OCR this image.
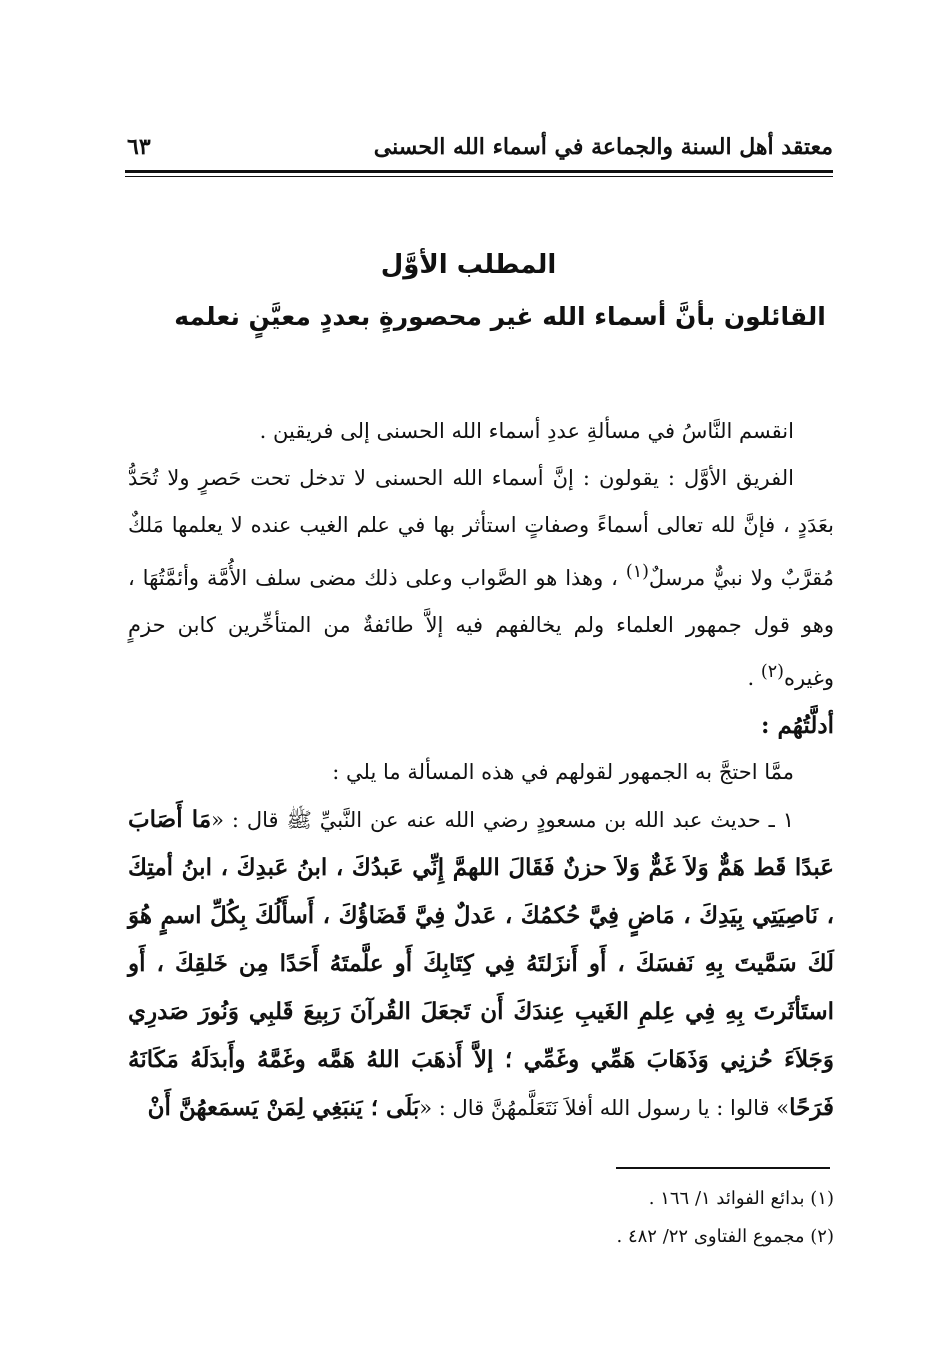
معتقد أهل السنة والجماعة في أسماء الله الحسنى
٦٣
المطلب الأوَّل
القائلون بأنَّ أسماء الله غير محصورةٍ بعددٍ معيَّنٍ نعلمه

انقسم النَّاسُ في مسألةِ عددِ أسماء الله الحسنى إلى فريقين .

الفريق الأوَّل : يقولون : إنَّ أسماء الله الحسنى لا تدخل تحت حَصرٍ ولا تُحَدُّ بعَدَدٍ ، فإنَّ لله تعالى أسماءً وصفاتٍ استأثر بها في علم الغيب عنده لا يعلمها مَلكٌ مُقرَّبٌ ولا نبيٌّ مرسلٌ$^{(١)}$ ، وهذا هو الصَّواب وعلى ذلك مضى سلف الأُمَّة وأئمَّتُهَا ، وهو قول جمهور العلماء ولم يخالفهم فيه إلاَّ طائفةٌ من المتأخِّرين كابن حزمٍ وغيره$^{(٢)}$ .

أدلَّتُهُم :

ممَّا احتجَّ به الجمهور لقولهم في هذه المسألة ما يلي :

١ ـ حديث عبد الله بن مسعودٍ رضي الله عنه عن النَّبيِّ ﷺ قال : «مَا أَصَابَ عَبدًا قَط هَمٌّ وَلاَ غَمٌّ وَلاَ حزنٌ فَقَالَ اللهمَّ إِنِّي عَبدُكَ ، ابنُ عَبدِكَ ، ابنُ أمتِكَ ، نَاصِيَتِي بِيَدِكَ ، مَاضٍ فِيَّ حُكمُكَ ، عَدلٌ فِيَّ قَضَاؤُكَ ، أَسأَلُكَ بِكُلِّ اسمٍ هُوَ لَكَ سَمَّيتَ بِهِ نَفسَكَ ، أَو أَنزَلتَهُ فِي كِتَابِكَ أَو علَّمتَهُ أَحَدًا مِن خَلقِكَ ، أَو استَأثَرتَ بِهِ فِي عِلمِ الغَيبِ عِندَكَ أَن تَجعَلَ القُرآنَ رَبِيعَ قَلبِي وَنُورَ صَدرِي وَجَلاَءَ حُزنِي وَذَهَابَ هَمِّي وغَمِّي ؛ إلاَّ أَذهَبَ اللهُ هَمَّه وغَمَّهُ وأَبدَلَهُ مَكَانَهُ فَرَحًا» قالوا : يا رسول الله أفلاَ نَتَعَلَّمهُنَّ قال : «بَلَى ؛ يَنبَغِي لِمَنْ يَسمَعهُنَّ أَنْ

(١) بدائع الفوائد ١/ ١٦٦ .
(٢) مجموع الفتاوى ٢٢/ ٤٨٢ .
